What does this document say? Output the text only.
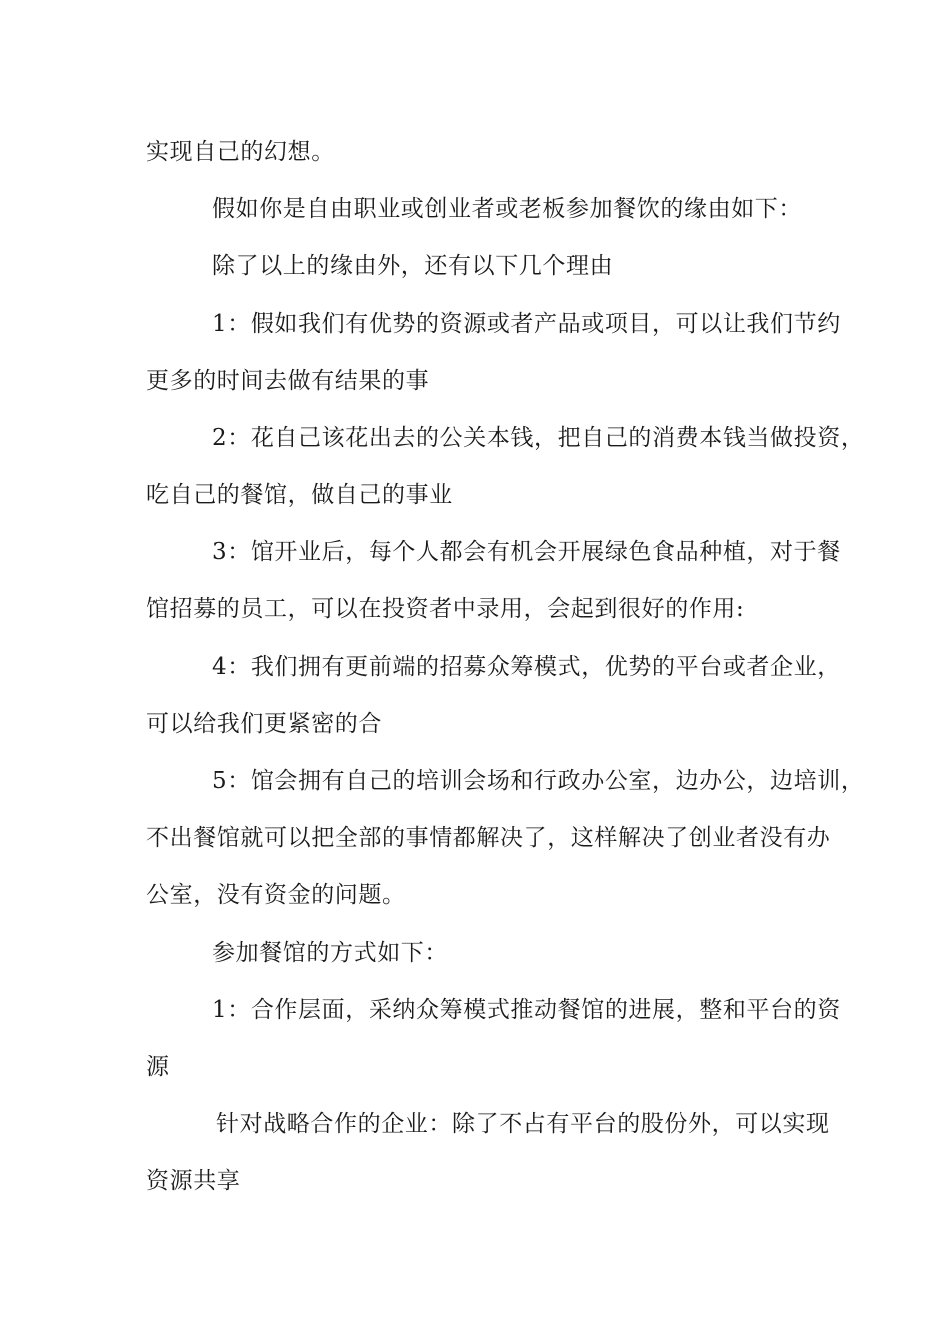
实现自己的幻想。
假如你是自由职业或创业者或老板参加餐饮的缘由如下：
除了以上的缘由外，还有以下几个理由
1：假如我们有优势的资源或者产品或项目，可以让我们节约
更多的时间去做有结果的事
2：花自己该花出去的公关本钱，把自己的消费本钱当做投资，
吃自己的餐馆，做自己的事业
3：馆开业后，每个人都会有机会开展绿色食品种植，对于餐
馆招募的员工，可以在投资者中录用，会起到很好的作用:
4：我们拥有更前端的招募众筹模式，优势的平台或者企业，
可以给我们更紧密的合
5：馆会拥有自己的培训会场和行政办公室，边办公，边培训，
不出餐馆就可以把全部的事情都解决了，这样解决了创业者没有办
公室，没有资金的问题。
参加餐馆的方式如下：
1：合作层面，采纳众筹模式推动餐馆的进展，整和平台的资
源
针对战略合作的企业：除了不占有平台的股份外，可以实现
资源共享
